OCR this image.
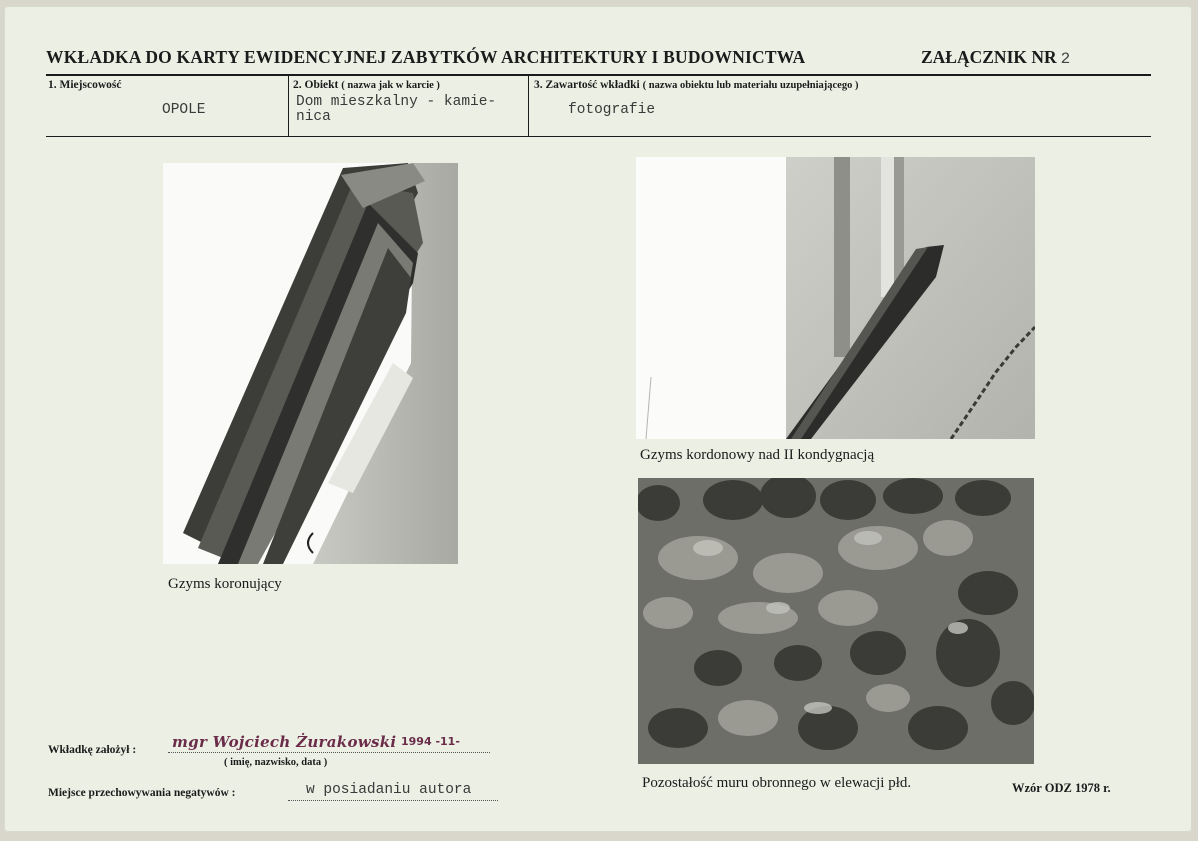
WKŁADKA DO KARTY EWIDENCYJNEJ ZABYTKÓW ARCHITEKTURY I BUDOWNICTWA	ZAŁĄCZNIK NR 2
1. Miejscowość
OPOLE
2. Obiekt ( nazwa jak w karcie )
Dom mieszkalny - kamie-
nica
3. Zawartość wkładki ( nazwa obiektu lub materiału uzupełniającego )
fotografie
Gzyms koronujący
Gzyms kordonowy nad II kondygnacją
Pozostałość muru obronnego w elewacji płd.
Wkładkę założył : mgr Wojciech Żurakowski 1994 -11-
( imię, nazwisko, data )
Miejsce przechowywania negatywów :	w posiadaniu autora	Wzór ODZ 1978 r.
